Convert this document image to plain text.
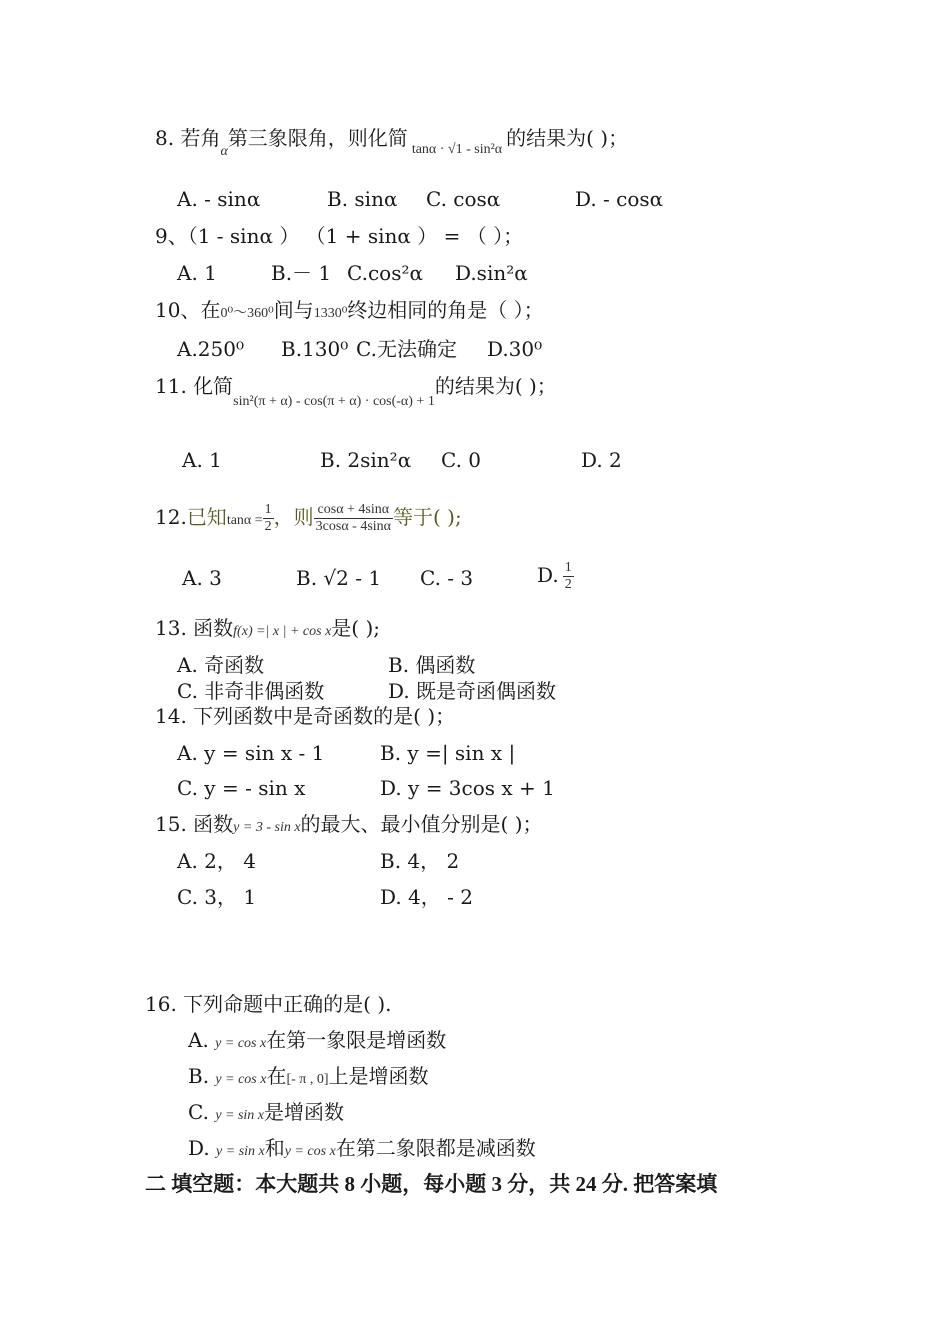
8. 若角$_\alpha$第三象限角，则化简 $_{tan\alpha \cdot √1 - sin^2\alpha}$ 的结果为( )；
A. - sinα	B. sinα C. cosα	D. - cosα
9、（1 - sinα ） （1 + sinα ） = （ ）；
A. 1	B.－ 1 C.cos²α D.sin²α
10、在0⁰～360⁰间与1330⁰终边相同的角是（ ）；
A.250⁰ B.130⁰ C.无法确定 D.30⁰
11. 化简$_{sin^2(\pi + \alpha) - cos(\pi + \alpha) \cdot cos(-\alpha) + 1}$的结果为( )；
A. 1	B. 2sin²α C. 0	D. 2
12.已知$\tan\alpha = \frac{1}{2}$ ，则 $\frac{\cos\alpha + 4\sin\alpha}{3\cos\alpha - 4\sin\alpha}$ 等于( );
A. 3	B. √2 - 1 C. - 3	D. $\frac{1}{2}$
13. 函数f(x) =| x | + cos x是( );
A. 奇函数	B. 偶函数
C. 非奇非偶函数	D. 既是奇函偶函数
14. 下列函数中是奇函数的是( )；
A. y = sin x - 1	B. y =| sin x |
C. y = - sin x	D. y = 3cos x + 1
15. 函数y = 3 - sin x的最大、最小值分别是( )；
A. 2， 4	B. 4， 2
C. 3， 1	D. 4， - 2
16. 下列命题中正确的是( ).
A. y = cos x在第一象限是增函数
B. y = cos x在[- π , 0]上是增函数
C. y = sin x是增函数
D. y = sin x和y = cos x在第二象限都是减函数
二 填空题：本大题共 8 小题，每小题 3 分，共 24 分. 把答案填
